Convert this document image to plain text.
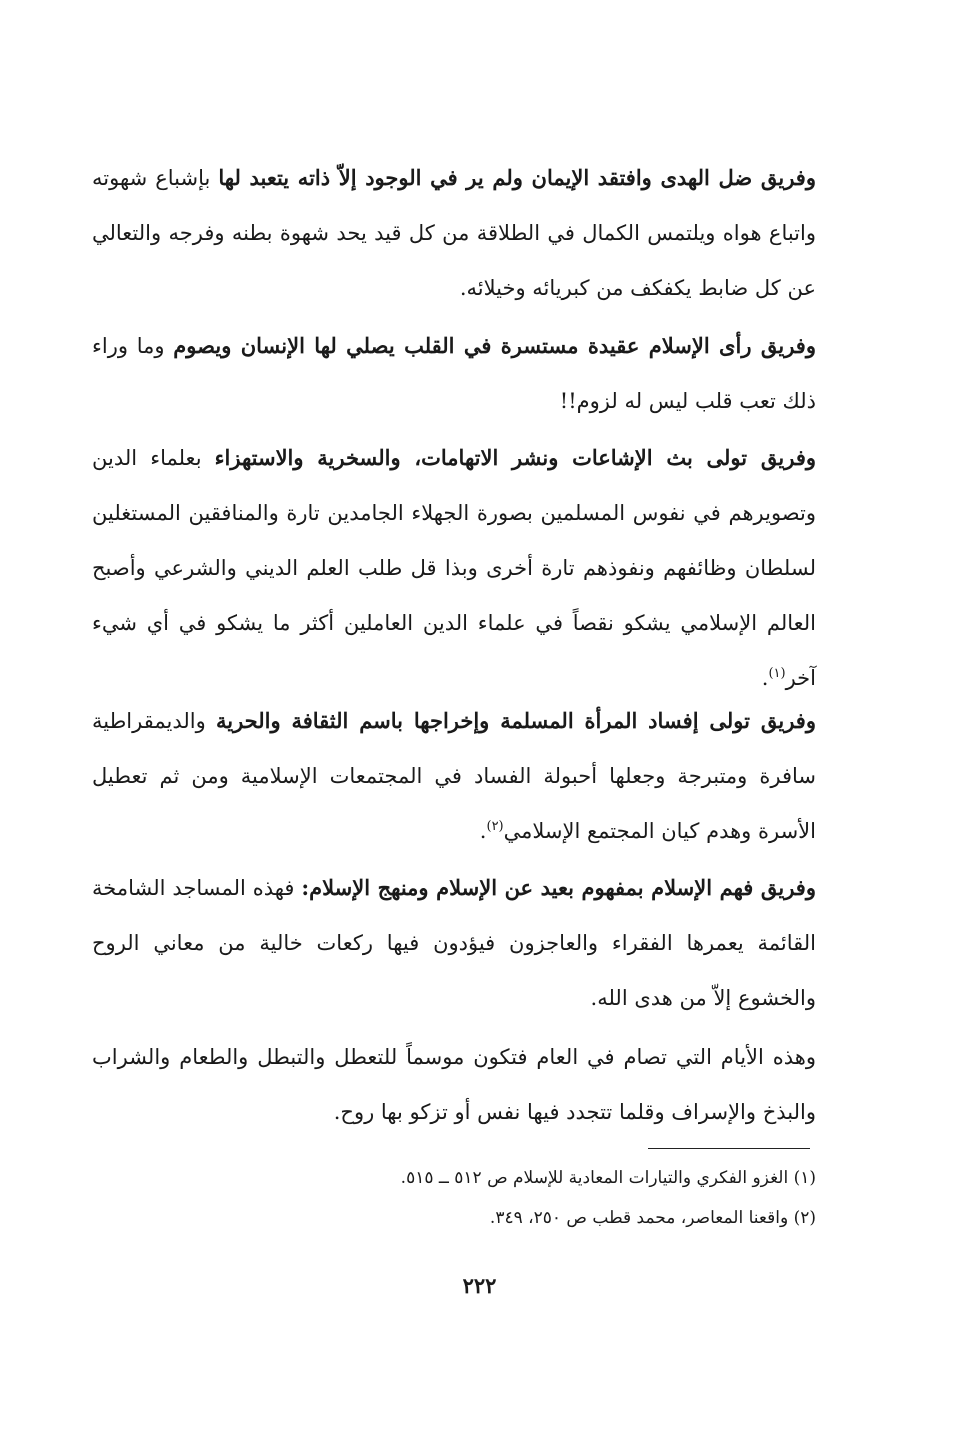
وفريق ضل الهدى وافتقد الإيمان ولم ير في الوجود إلاّ ذاته يتعبد لها بإشباع شهوته واتباع هواه ويلتمس الكمال في الطلاقة من كل قيد يحد شهوة بطنه وفرجه والتعالي عن كل ضابط يكفكف من كبريائه وخيلائه.

وفريق رأى الإسلام عقيدة مستسرة في القلب يصلي لها الإنسان ويصوم وما وراء ذلك تعب قلب ليس له لزوم!!

وفريق تولى بث الإشاعات ونشر الاتهامات، والسخرية والاستهزاء بعلماء الدين وتصويرهم في نفوس المسلمين بصورة الجهلاء الجامدين تارة والمنافقين المستغلين لسلطان وظائفهم ونفوذهم تارة أخرى وبذا قل طلب العلم الديني والشرعي وأصبح العالم الإسلامي يشكو نقصاً في علماء الدين العاملين أكثر ما يشكو في أي شيء آخر$^{(١)}$.

وفريق تولى إفساد المرأة المسلمة وإخراجها باسم الثقافة والحرية والديمقراطية سافرة ومتبرجة وجعلها أحبولة الفساد في المجتمعات الإسلامية ومن ثم تعطيل الأسرة وهدم كيان المجتمع الإسلامي$^{(٢)}$.

وفريق فهم الإسلام بمفهوم بعيد عن الإسلام ومنهج الإسلام: فهذه المساجد الشامخة القائمة يعمرها الفقراء والعاجزون فيؤدون فيها ركعات خالية من معاني الروح والخشوع إلاّ من هدى الله.

وهذه الأيام التي تصام في العام فتكون موسماً للتعطل والتبطل والطعام والشراب والبذخ والإسراف وقلما تتجدد فيها نفس أو تزكو بها روح.

(١) الغزو الفكري والتيارات المعادية للإسلام ص ٥١٢ ــ ٥١٥.
(٢) واقعنا المعاصر، محمد قطب ص ٢٥٠، ٣٤٩.
٢٢٢
